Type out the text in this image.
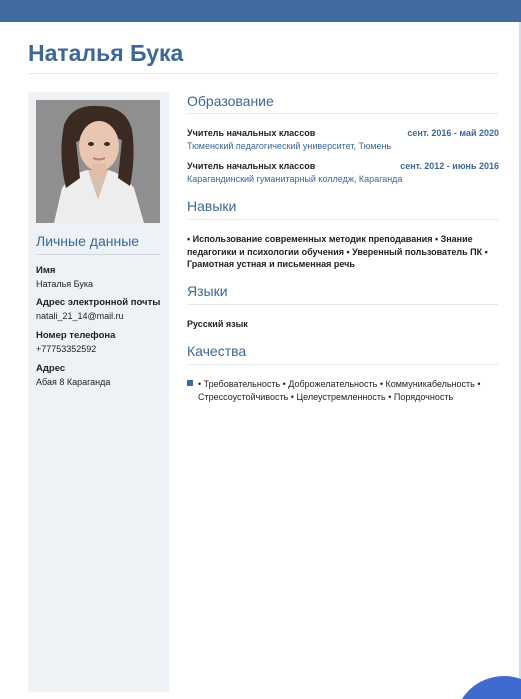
Наталья Бука
Личные данные
Имя
Наталья Бука
Адрес электронной почты
natali_21_14@mail.ru
Номер телефона
+77753352592
Адрес
Абая 8 Караганда
Образование
Учитель начальных классов	сент. 2016 - май 2020
Тюменский педагогический университет, Тюмень
Учитель начальных классов	сент. 2012 - июнь 2016
Карагандинский гуманитарный колледж, Караганда
Навыки
• Использование современных методик преподавания • Знание педагогики и психологии обучения • Уверенный пользователь ПК • Грамотная устная и письменная речь
Языки
Русский язык
Качества
• Требовательность • Доброжелательность • Коммуникабельность • Стрессоустойчивость • Целеустремленность • Порядочность
